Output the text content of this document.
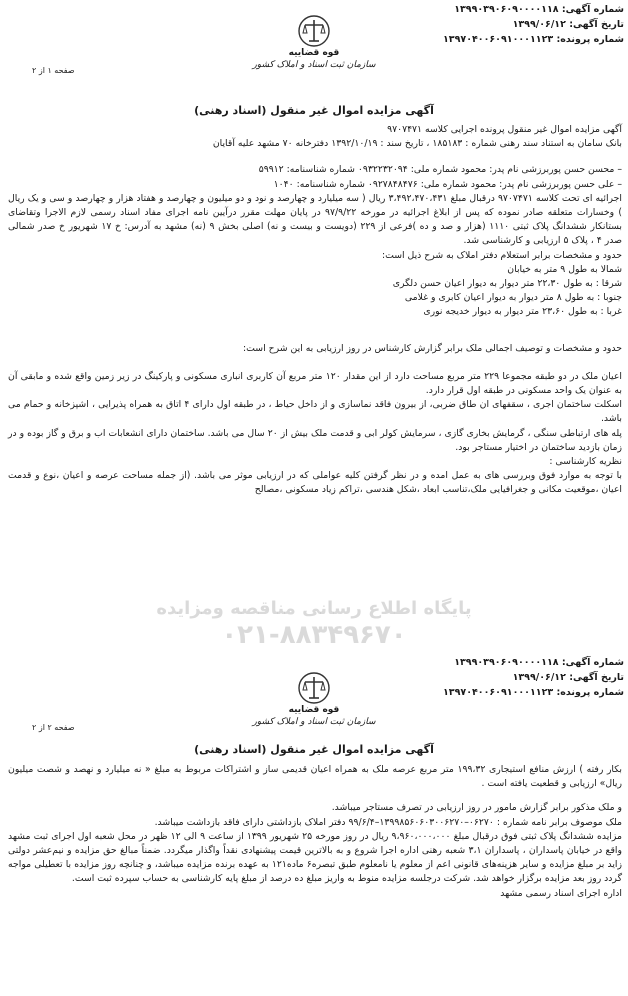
شماره آگهی: ۱۳۹۹۰۳۹۰۶۰۹۰۰۰۰۱۱۸
تاریخ آگهی: ۱۳۹۹/۰۶/۱۲
شماره پرونده: ۱۳۹۷۰۴۰۰۶۰۹۱۰۰۰۱۱۲۳
قوه قضاییه
سازمان ثبت اسناد و املاک کشور
صفحه ۱ از ۲
آگهی مزایده اموال غیر منقول (اسناد رهنی)

آگهی مزایده اموال غیر منقول پرونده اجرایی کلاسه ۹۷۰۷۴۷۱

بانک سامان به استناد سند رهنی شماره : ۱۸۵۱۸۳ ، تاریخ سند : ۱۳۹۲/۱۰/۱۹ دفترخانه ۷۰ مشهد علیه آقایان

– محسن حسن پوربرزشی نام پدر: محمود شماره ملی: ۰۹۳۲۲۳۲۰۹۴ شماره شناسنامه: ۵۹۹۱۲

– علی حسن پوربرزشی نام پدر: محمود شماره ملی: ۰۹۲۷۸۴۸۴۷۶ شماره شناسنامه: ۱۰۴۰

اجرائیه ای تحت کلاسه ۹۷۰۷۴۷۱ درقبال مبلغ ۳،۴۹۲،۴۷۰،۴۳۱ ریال ( سه میلیارد و چهارصد و نود و دو میلیون و چهارصد و هفتاد هزار و چهارصد و سی و یک ریال ) وخسارات متعلقه صادر نموده که پس از ابلاغ اجرائیه در مورخه ۹۷/۹/۲۲ در پایان مهلت مقرر درآیین نامه اجرای مفاد اسناد رسمی لازم الاجرا وتقاضای بستانکار ششدانگ پلاک ثبتی ۱۱۱۰ (هزار و صد و ده )فرعی از ۲۲۹ (دویست و بیست و نه) اصلی بخش ۹ (نه) مشهد به آدرس: خ ۱۷ شهریور خ صدر شمالی صدر ۴ ، پلاک ۵ ارزیابی و کارشناسی شد.

حدود و مشخصات برابر استعلام دفتر املاک به شرح ذیل است:

شمالا به طول ۹ متر به خیابان

شرقا : به طول ۲۲،۳۰ متر دیوار به دیوار اعیان حسن دلگری

جنوبا : به طول ۸ متر دیوار به دیوار اعیان کابری و غلامی

غربا : به طول ۲۳،۶۰ متر دیوار به دیوار خدیجه نوری

حدود و مشخصات و توصیف اجمالی ملک برابر گزارش کارشناس در روز ارزیابی به این شرح است:

اعیان ملک در دو طبقه مجموعا ۲۲۹ متر مربع مساحت دارد از این مقدار ۱۲۰ متر مربع آن کاربری انباری مسکونی و پارکینگ در زیر زمین واقع شده و مابقی آن به عنوان یک واحد مسکونی در طبقه اول قرار دارد.

اسکلت ساختمان اجری ، سقفهای ان طاق ضربی، از بیرون فاقد نماسازی و از داخل حیاط ، در طبقه اول دارای ۴ اتاق به همراه پذیرایی ، اشپزخانه و حمام می باشد.

پله های ارتباطی سنگی ، گرمایش بخاری گازی ، سرمایش کولر ابی و قدمت ملک بیش از ۲۰ سال می باشد. ساختمان دارای انشعابات اب و برق و گاز بوده و در زمان بازدید ساختمان در اختیار مستاجر بود.

نظریه کارشناسی :

با توجه به موارد فوق وبررسی های به عمل امده و در نظر گرفتن کلیه عواملی که در ارزیابی موثر می باشد. (از جمله مساحت عرصه و اعیان ،نوع و قدمت اعیان ،موقعیت مکانی و جغرافیایی ملک،تناسب ابعاد ،شکل هندسی ،تراکم زیاد مسکونی ،مصالح

پایگاه اطلاع رسانی مناقصه ومزایده
۰۲۱-۸۸۳۴۹۶۷۰
شماره آگهی: ۱۳۹۹۰۳۹۰۶۰۹۰۰۰۰۱۱۸
تاریخ آگهی: ۱۳۹۹/۰۶/۱۲
شماره پرونده: ۱۳۹۷۰۴۰۰۶۰۹۱۰۰۰۱۱۲۳
قوه قضاییه
سازمان ثبت اسناد و املاک کشور
صفحه ۲ از ۲
آگهی مزایده اموال غیر منقول (اسناد رهنی)

بکار رفته ) ارزش منافع استیجاری ۱۹۹،۳۲ متر مربع عرصه ملک به همراه اعیان قدیمی ساز و اشتراکات مربوط به مبلغ « نه میلیارد و نهصد و شصت میلیون ریال» ارزیابی و قطعیت یافته است .

و ملک مذکور برابر گزارش مامور در روز ارزیابی در تصرف مستاجر میباشد.

ملک موصوف برابر نامه شماره : ۰۶۲۷۰–۱۳۹۹۸۵۶۰۶۰۳۰۰۶۲۷۰–۹۹/۶/۴ دفتر املاک بازداشتی دارای فاقد بازداشت میباشد.

مزایده ششدانگ پلاک ثبتی فوق درقبال مبلغ ۹،۹۶۰،۰۰۰،۰۰۰ ریال در روز مورخه ۲۵ شهریور ۱۳۹۹ از ساعت ۹ الی ۱۲ ظهر در محل شعبه اول اجرای ثبت مشهد واقع در خیابان پاسداران ، پاسداران ۳،۱ شعبه رهنی اداره اجرا شروع و به بالاترین قیمت پیشنهادی نقداً واگذار میگردد. ضمناً مبالغ حق مزایده و نیم‌عشر دولتی زاید بر مبلغ مزایده و سایر هزینه‌های قانونی اعم از معلوم یا نامعلوم طبق تبصره۶ ماده۱۲۱ به عهده برنده مزایده میباشد، و چنانچه روز مزایده با تعطیلی مواجه گردد روز بعد مزایده برگزار خواهد شد. شرکت درجلسه مزایده منوط به واریز مبلغ ده درصد از مبلغ پایه کارشناسی به حساب سپرده ثبت است.

اداره اجرای اسناد رسمی مشهد
